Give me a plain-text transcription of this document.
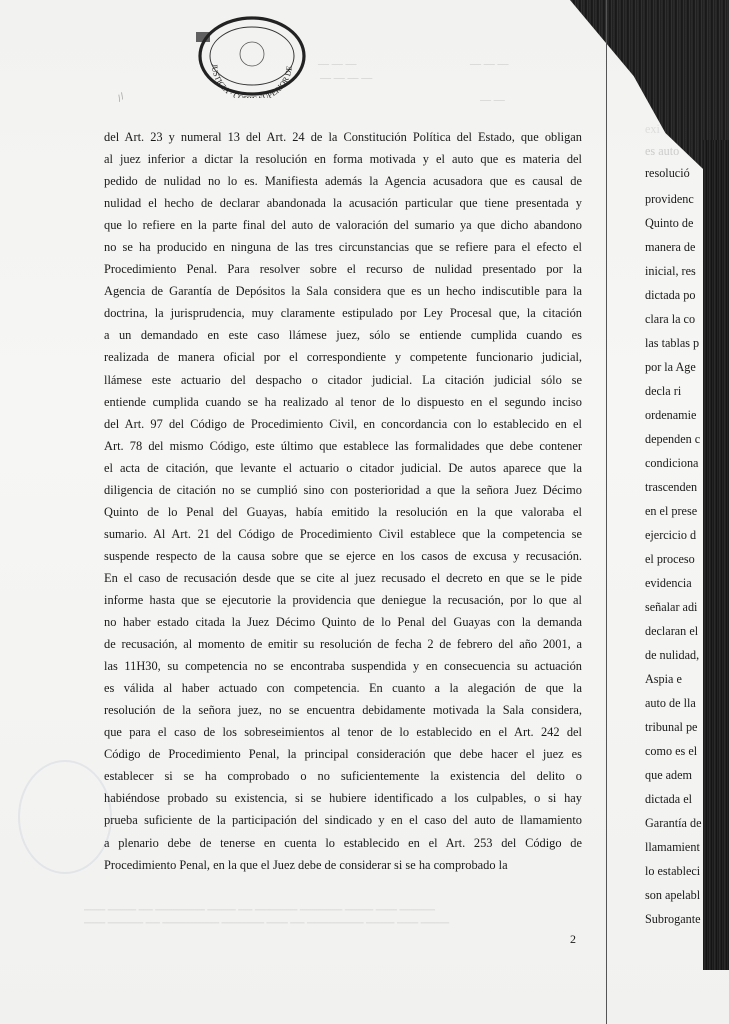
— — —	— — —
— — — —
— —
JUSTICIA · CO UPERIOR DE
⁄ ⁄
del Art. 23 y numeral 13 del Art. 24 de la Constitución Política del Estado, que obligan
al juez inferior a dictar la resolución en forma motivada y el auto que es materia del
pedido de nulidad no lo es. Manifiesta además la Agencia acusadora que es causal de
nulidad el hecho de declarar abandonada la acusación particular que tiene presentada y
que lo refiere en la parte final del auto de valoración del sumario ya que dicho abandono
no se ha producido en ninguna de las tres circunstancias que se refiere para el efecto el
Procedimiento Penal. Para resolver sobre el recurso de nulidad presentado por la
Agencia de Garantía de Depósitos la Sala considera que es un hecho indiscutible para la
doctrina, la jurisprudencia, muy claramente estipulado por Ley Procesal que, la citación
a un demandado en este caso llámese juez, sólo se entiende cumplida cuando es
realizada de manera oficial por el correspondiente y competente funcionario judicial,
llámese este actuario del despacho o citador judicial. La citación judicial sólo se
entiende cumplida cuando se ha realizado al tenor de lo dispuesto en el segundo inciso
del Art. 97 del Código de Procedimiento Civil, en concordancia con lo establecido en el
Art. 78 del mismo Código, este último que establece las formalidades que debe contener
el acta de citación, que levante el actuario o citador judicial. De autos aparece que la
diligencia de citación no se cumplió sino con posterioridad a que la señora Juez Décimo
Quinto de lo Penal del Guayas, había emitido la resolución en la que valoraba el
sumario. Al Art. 21 del Código de Procedimiento Civil establece que la competencia se
suspende respecto de la causa sobre que se ejerce en los casos de excusa y recusación.
En el caso de recusación desde que se cite al juez recusado el decreto en que se le pide
informe hasta que se ejecutorie la providencia que deniegue la recusación, por lo que al
no haber estado citada la Juez Décimo Quinto de lo Penal del Guayas con la demanda
de recusación, al momento de emitir su resolución de fecha 2 de febrero del año 2001, a
las 11H30, su competencia no se encontraba suspendida y en consecuencia su actuación
es válida al haber actuado con competencia. En cuanto a la alegación de que la
resolución de la señora juez, no se encuentra debidamente motivada la Sala considera,
que para el caso de los sobreseimientos al tenor de lo establecido en el Art. 242 del
Código de Procedimiento Penal, la principal consideración que debe hacer el juez es
establecer si se ha comprobado o no suficientemente la existencia del delito o
habiéndose probado su existencia, si se hubiere identificado a los culpables, o si hay
prueba suficiente de la participación del sindicado y en el caso del auto de llamamiento
a plenario debe de tenerse en cuenta lo establecido en el Art. 253 del Código de
Procedimiento Penal, en la que el Juez debe de considerar si se ha comprobado la
─── ──── ── ─────── ──── ── ────── ────── ──── ─── ─────
─── ───── ── ──────── ────── ─── ── ──────── ──── ─── ────
2
exi
es auto
resolució
providenc
Quinto de
manera de
inicial, res
dictada po
clara la co
las tablas p
por la Age
decla ri
ordenamie
dependen c
condiciona
trascenden
en el prese
ejercicio d
el proceso
evidencia
señalar adi
declaran el
de nulidad,
Aspia e
auto de lla
tribunal pe
como es el
que adem
dictada el
Garantía de
llamamient
lo estableci
son apelabl
Subrogante
